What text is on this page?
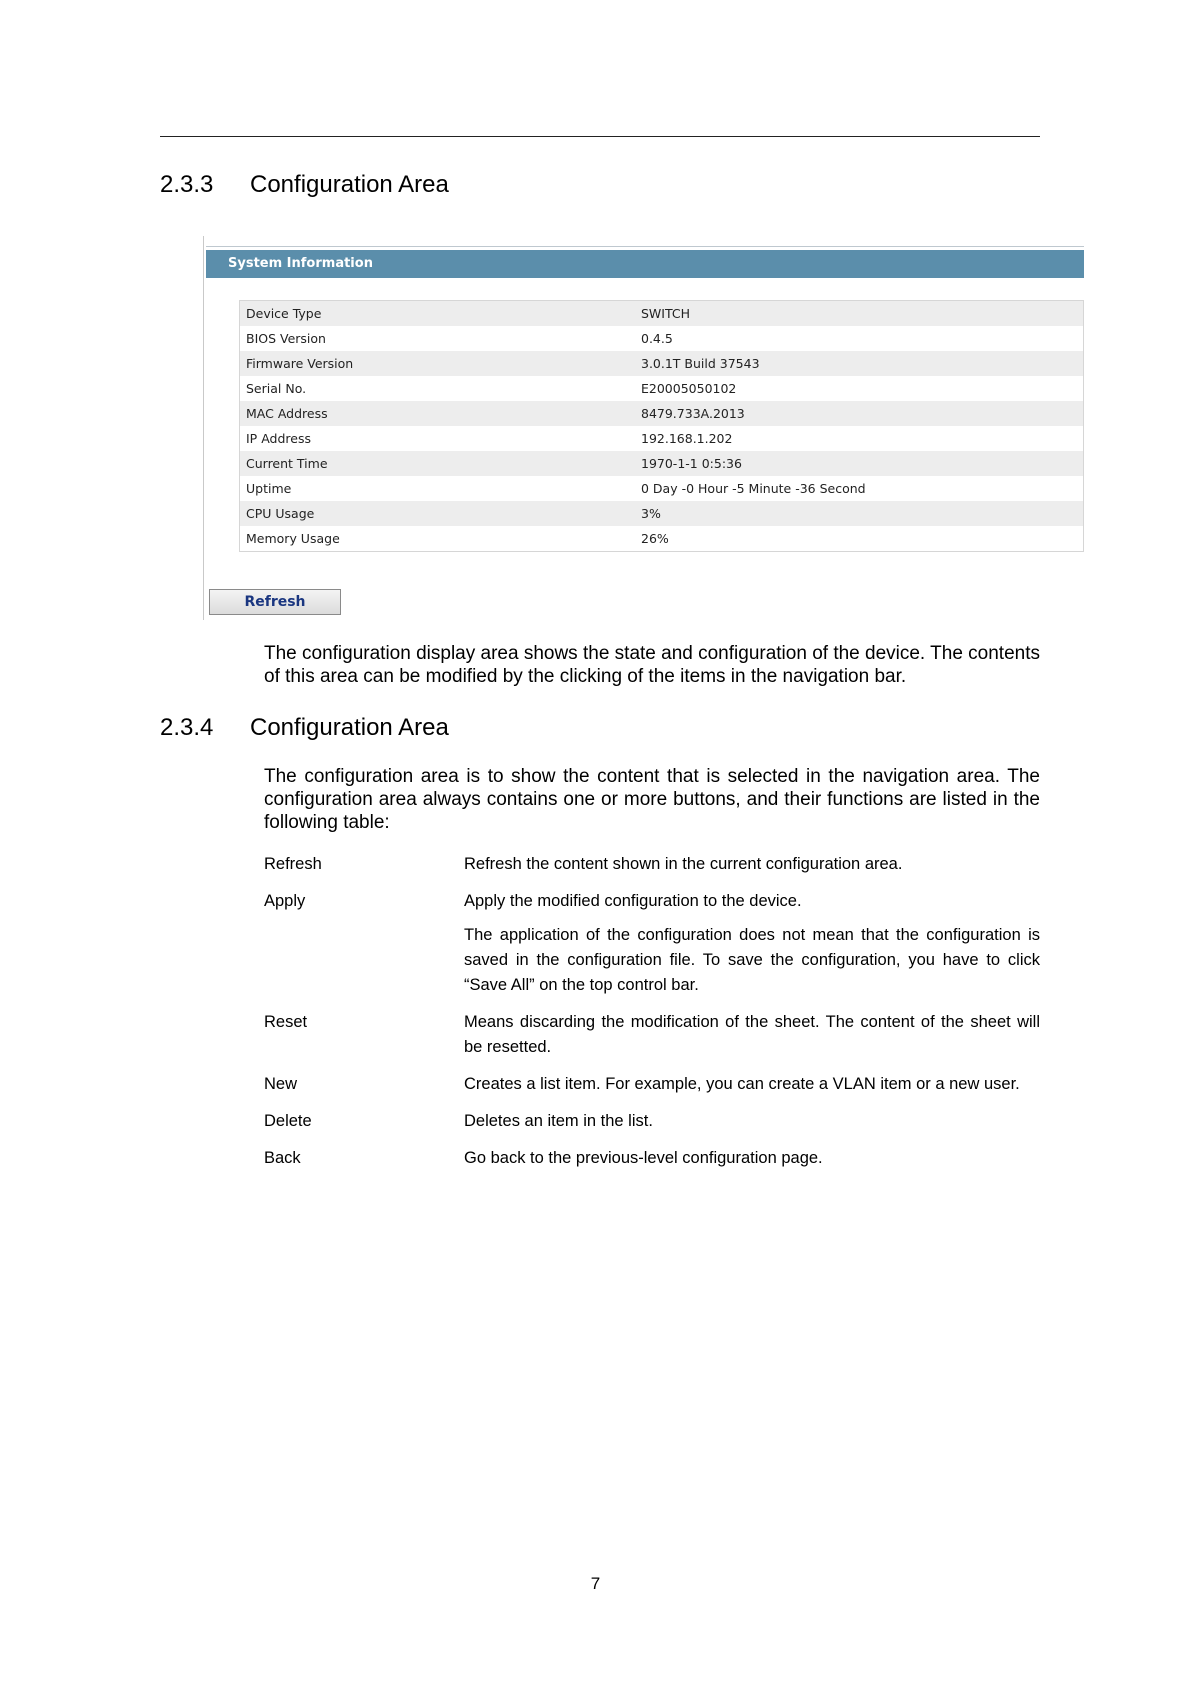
2.3.3 Configuration Area
System Information
Device Type	SWITCH
BIOS Version	0.4.5
Firmware Version	3.0.1T Build 37543
Serial No.	E20005050102
MAC Address	8479.733A.2013
IP Address	192.168.1.202
Current Time	1970-1-1 0:5:36
Uptime	0 Day -0 Hour -5 Minute -36 Second
CPU Usage	3%
Memory Usage	26%
Refresh

The configuration display area shows the state and configuration of the device. The contents of this area can be modified by the clicking of the items in the navigation bar.

2.3.4 Configuration Area

The configuration area is to show the content that is selected in the navigation area. The configuration area always contains one or more buttons, and their functions are listed in the following table:

Refresh	Refresh the content shown in the current configuration area.

Apply	Apply the modified configuration to the device.

The application of the configuration does not mean that the configuration is saved in the configuration file. To save the configuration, you have to click “Save All” on the top control bar.

Reset	Means discarding the modification of the sheet. The content of the sheet will be resetted.

New	Creates a list item. For example, you can create a VLAN item or a new user.

Delete	Deletes an item in the list.

Back	Go back to the previous-level configuration page.

7
